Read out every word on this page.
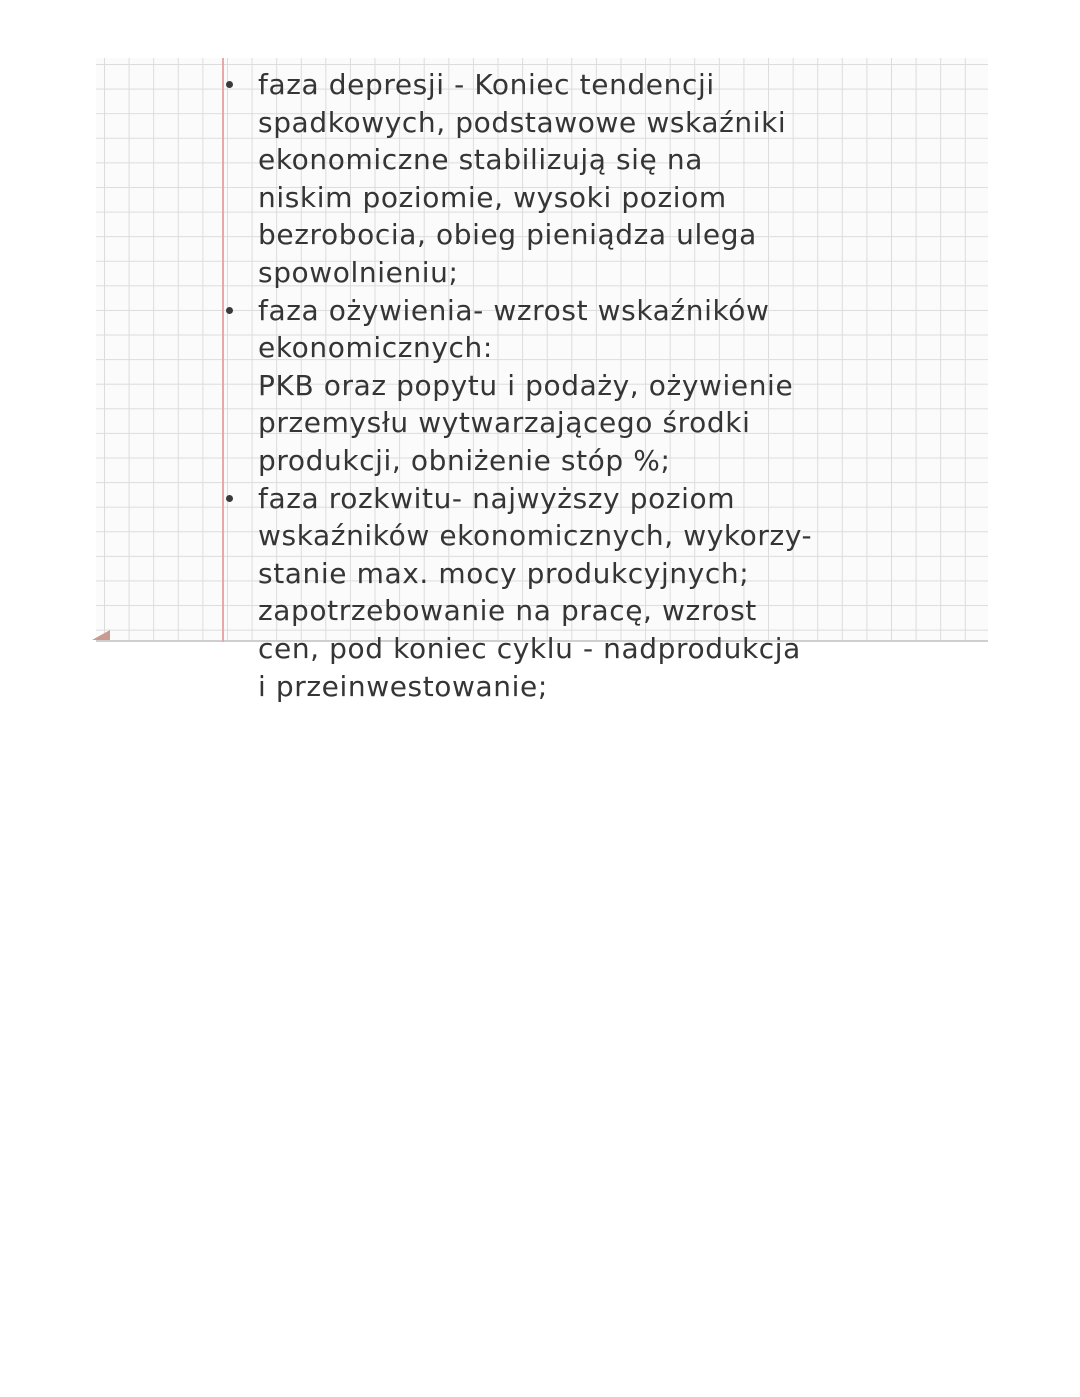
faza depresji - Koniec tendencji
spadkowych, podstawowe wskaźniki
ekonomiczne stabilizują się na
niskim poziomie, wysoki poziom
bezrobocia, obieg pieniądza ulega
spowolnieniu;
faza ożywienia- wzrost wskaźników
ekonomicznych:
PKB oraz popytu i podaży, ożywienie
przemysłu wytwarzającego środki
produkcji, obniżenie stóp %;
faza rozkwitu- najwyższy poziom
wskaźników ekonomicznych, wykorzy-
stanie max. mocy produkcyjnych;
zapotrzebowanie na pracę, wzrost
cen, pod koniec cyklu - nadprodukcja
i przeinwestowanie;
